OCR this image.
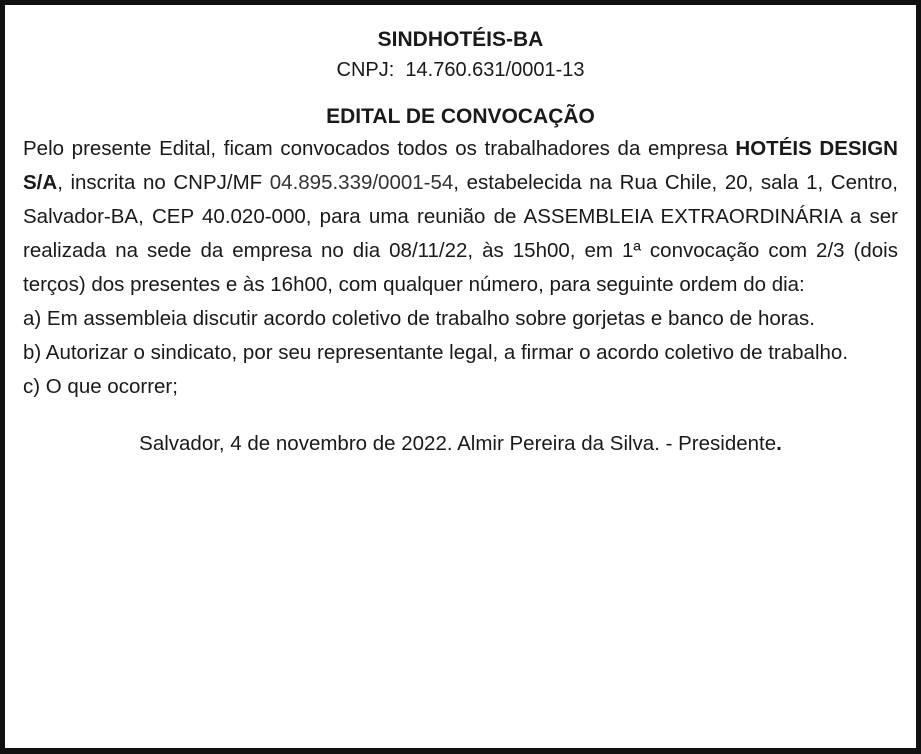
SINDHOTÉIS-BA
CNPJ: 14.760.631/0001-13
EDITAL DE CONVOCAÇÃO

Pelo presente Edital, ficam convocados todos os trabalhadores da empresa HOTÉIS DESIGN S/A, inscrita no CNPJ/MF 04.895.339/0001-54, estabelecida na Rua Chile, 20, sala 1, Centro, Salvador-BA, CEP 40.020-000, para uma reunião de ASSEMBLEIA EXTRAORDINÁRIA a ser realizada na sede da empresa no dia 08/11/22, às 15h00, em 1ª convocação com 2/3 (dois terços) dos presentes e às 16h00, com qualquer número, para seguinte ordem do dia:

a) Em assembleia discutir acordo coletivo de trabalho sobre gorjetas e banco de horas.

b) Autorizar o sindicato, por seu representante legal, a firmar o acordo coletivo de trabalho.

c) O que ocorrer;

Salvador, 4 de novembro de 2022. Almir Pereira da Silva. - Presidente.
